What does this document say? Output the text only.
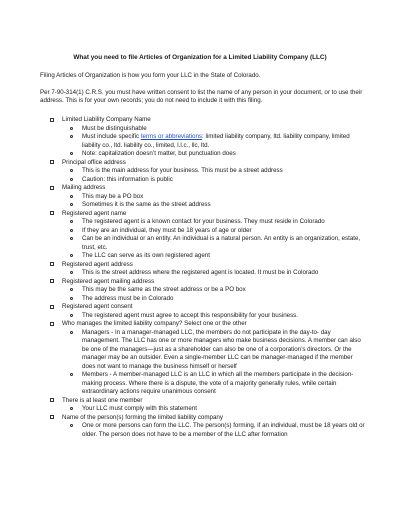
What you need to file Articles of Organization for a Limited Liability Company (LLC)
Filing Articles of Organization is how you form your LLC in the State of Colorado.
Per 7-90-314(1) C.R.S. you must have written consent to list the name of any person in your document, or to use their address. This is for your own records; you do not need to include it with this filing.
Limited Liability Company Name
Must be distinguishable
Must include specific terms or abbreviations: limited liability company, ltd. liability company, limited liability co., ltd. liability co., limited, l.l.c., llc, ltd.
Note: capitalization doesn’t matter, but punctuation does
Principal office address
This is the main address for your business. This must be a street address
Caution: this information is public
Mailing address
This may be a PO box
Sometimes it is the same as the street address
Registered agent name
The registered agent is a known contact for your business. They must reside in Colorado
If they are an individual, they must be 18 years of age or older
Can be an individual or an entity. An individual is a natural person. An entity is an organization, estate, trust, etc.
The LLC can serve as its own registered agent
Registered agent address
This is the street address where the registered agent is located. It must be in Colorado
Registered agent mailing address
This may be the same as the street address or be a PO box
The address must be in Colorado
Registered agent consent
The registered agent must agree to accept this responsibility for your business.
Who manages the limited liability company? Select one or the other
Managers - In a manager-managed LLC, the members do not participate in the day-to- day management. The LLC has one or more managers who make business decisions. A member can also be one of the managers—just as a shareholder can also be one of a corporation’s directors. Or the manager may be an outsider. Even a single-member LLC can be manager-managed if the member does not want to manage the business himself or herself
Members - A member-managed LLC is an LLC in which all the members participate in the decision-making process. Where there is a dispute, the vote of a majority generally rules, while certain extraordinary actions require unanimous consent
There is at least one member
Your LLC must comply with this statement
Name of the person(s) forming the limited liability company
One or more persons can form the LLC. The person(s) forming, if an individual, must be 18 years old or older. The person does not have to be a member of the LLC after formation
